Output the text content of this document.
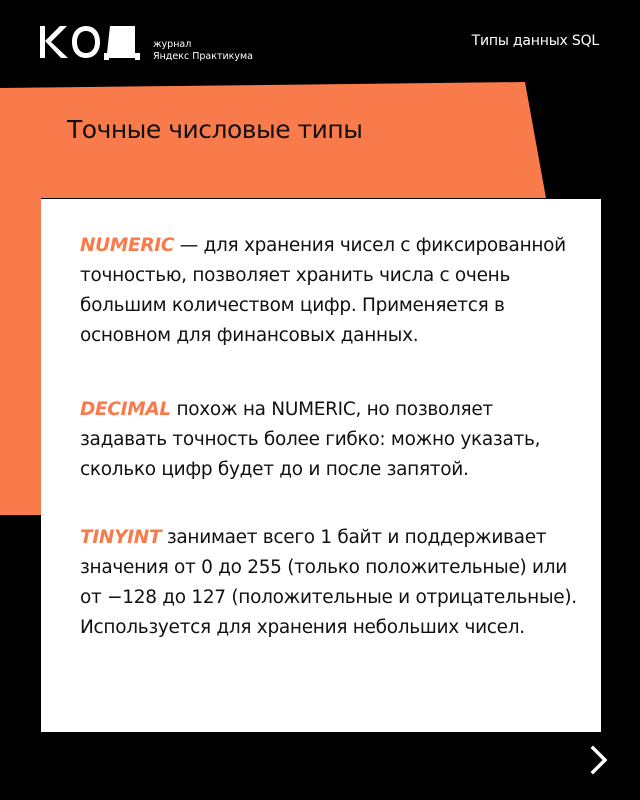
журнал
Яндекс Практикума
Типы данных SQL
Точные числовые типы

NUMERIC — для хранения чисел с фиксированной точностью, позволяет хранить числа с очень большим количеством цифр. Применяется в основном для финансовых данных.

DECIMAL похож на NUMERIC, но позволяет задавать точность более гибко: можно указать, сколько цифр будет до и после запятой.

TINYINT занимает всего 1 байт и поддерживает значения от 0 до 255 (только положительные) или от −128 до 127 (положительные и отрицательные). Используется для хранения небольших чисел.
